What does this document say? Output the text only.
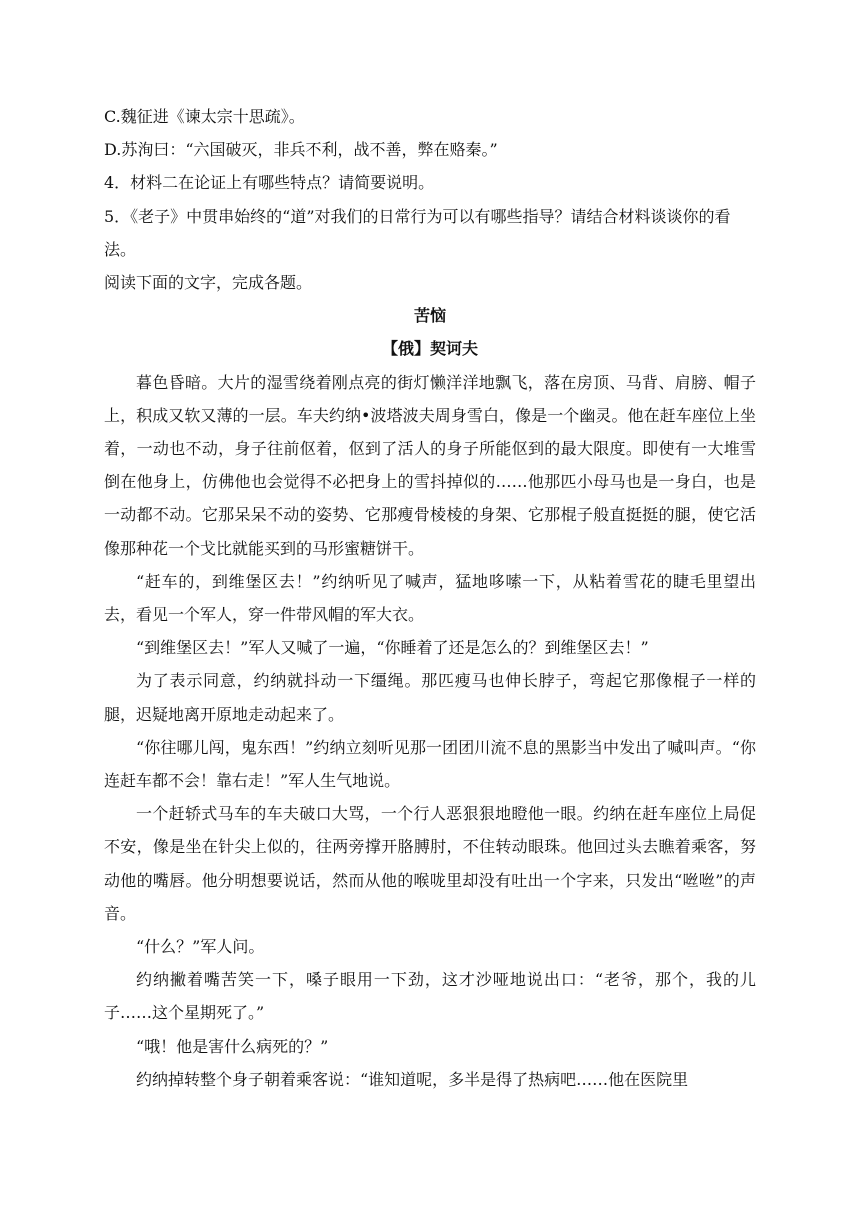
C.魏征进《谏太宗十思疏》。

D.苏洵曰：“六国破灭，非兵不利，战不善，弊在赂秦。”

4．材料二在论证上有哪些特点？请简要说明。

5．《老子》中贯串始终的“道”对我们的日常行为可以有哪些指导？请结合材料谈谈你的看法。

阅读下面的文字，完成各题。

苦恼

【俄】契诃夫

暮色昏暗。大片的湿雪绕着刚点亮的街灯懒洋洋地飘飞，落在房顶、马背、肩膀、帽子上，积成又软又薄的一层。车夫约纳•波塔波夫周身雪白，像是一个幽灵。他在赶车座位上坐着，一动也不动，身子往前伛着，伛到了活人的身子所能伛到的最大限度。即使有一大堆雪倒在他身上，仿佛他也会觉得不必把身上的雪抖掉似的……他那匹小母马也是一身白，也是一动都不动。它那呆呆不动的姿势、它那瘦骨棱棱的身架、它那棍子般直挺挺的腿，使它活像那种花一个戈比就能买到的马形蜜糖饼干。

“赶车的，到维堡区去！”约纳听见了喊声，猛地哆嗦一下，从粘着雪花的睫毛里望出去，看见一个军人，穿一件带风帽的军大衣。

“到维堡区去！”军人又喊了一遍，“你睡着了还是怎么的？到维堡区去！”

为了表示同意，约纳就抖动一下缰绳。那匹瘦马也伸长脖子，弯起它那像棍子一样的腿，迟疑地离开原地走动起来了。

“你往哪儿闯，鬼东西！”约纳立刻听见那一团团川流不息的黑影当中发出了喊叫声。“你连赶车都不会！靠右走！”军人生气地说。

一个赶轿式马车的车夫破口大骂，一个行人恶狠狠地瞪他一眼。约纳在赶车座位上局促不安，像是坐在针尖上似的，往两旁撑开胳膊肘，不住转动眼珠。他回过头去瞧着乘客，努动他的嘴唇。他分明想要说话，然而从他的喉咙里却没有吐出一个字来，只发出“咝咝”的声音。

“什么？”军人问。

约纳撇着嘴苦笑一下，嗓子眼用一下劲，这才沙哑地说出口：“老爷，那个，我的儿子……这个星期死了。”

“哦！他是害什么病死的？”

约纳掉转整个身子朝着乘客说：“谁知道呢，多半是得了热病吧……他在医院里
